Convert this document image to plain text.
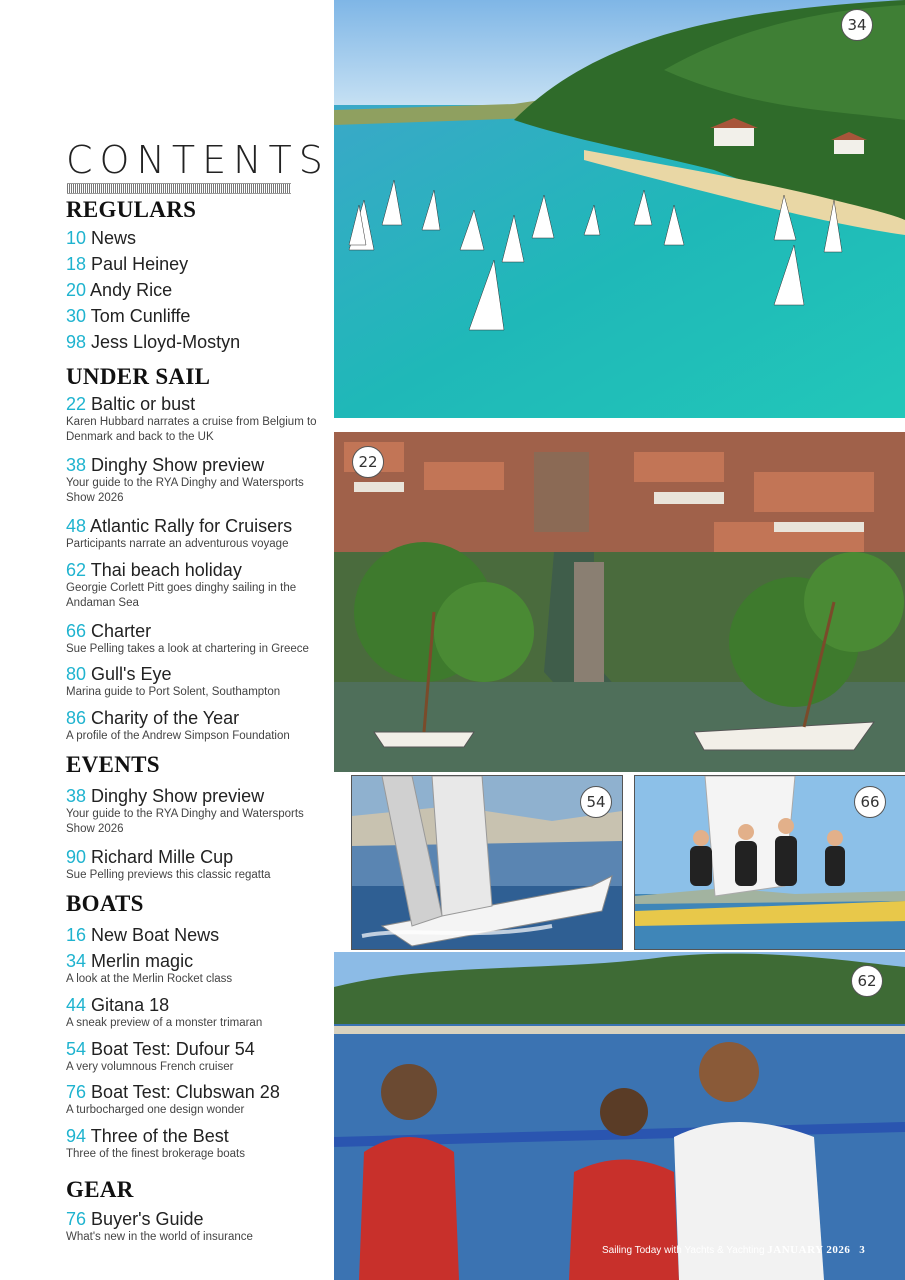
CONTENTS
REGULARS
10 News
18 Paul Heiney
20 Andy Rice
30 Tom Cunliffe
98 Jess Lloyd-Mostyn
UNDER SAIL
22 Baltic or bust
Karen Hubbard narrates a cruise from Belgium to Denmark and back to the UK
38 Dinghy Show preview
Your guide to the RYA Dinghy and Watersports Show 2026
48 Atlantic Rally for Cruisers
Participants narrate an adventurous voyage
62 Thai beach holiday
Georgie Corlett Pitt goes dinghy sailing in the Andaman Sea
66 Charter
Sue Pelling takes a look at chartering in Greece
80 Gull's Eye
Marina guide to Port Solent, Southampton
86 Charity of the Year
A profile of the Andrew Simpson Foundation
EVENTS
38 Dinghy Show preview
Your guide to the RYA Dinghy and Watersports Show 2026
90 Richard Mille Cup
Sue Pelling previews this classic regatta
BOATS
16 New Boat News
34 Merlin magic
A look at the Merlin Rocket class
44 Gitana 18
A sneak preview of a monster trimaran
54 Boat Test: Dufour 54
A very volumnous French cruiser
76 Boat Test: Clubswan 28
A turbocharged one design wonder
94 Three of the Best
Three of the finest brokerage boats
GEAR
76 Buyer's Guide
What's new in the world of insurance
34
22
54	66
62
Sailing Today with Yachts & Yachting JANUARY 2026 3
